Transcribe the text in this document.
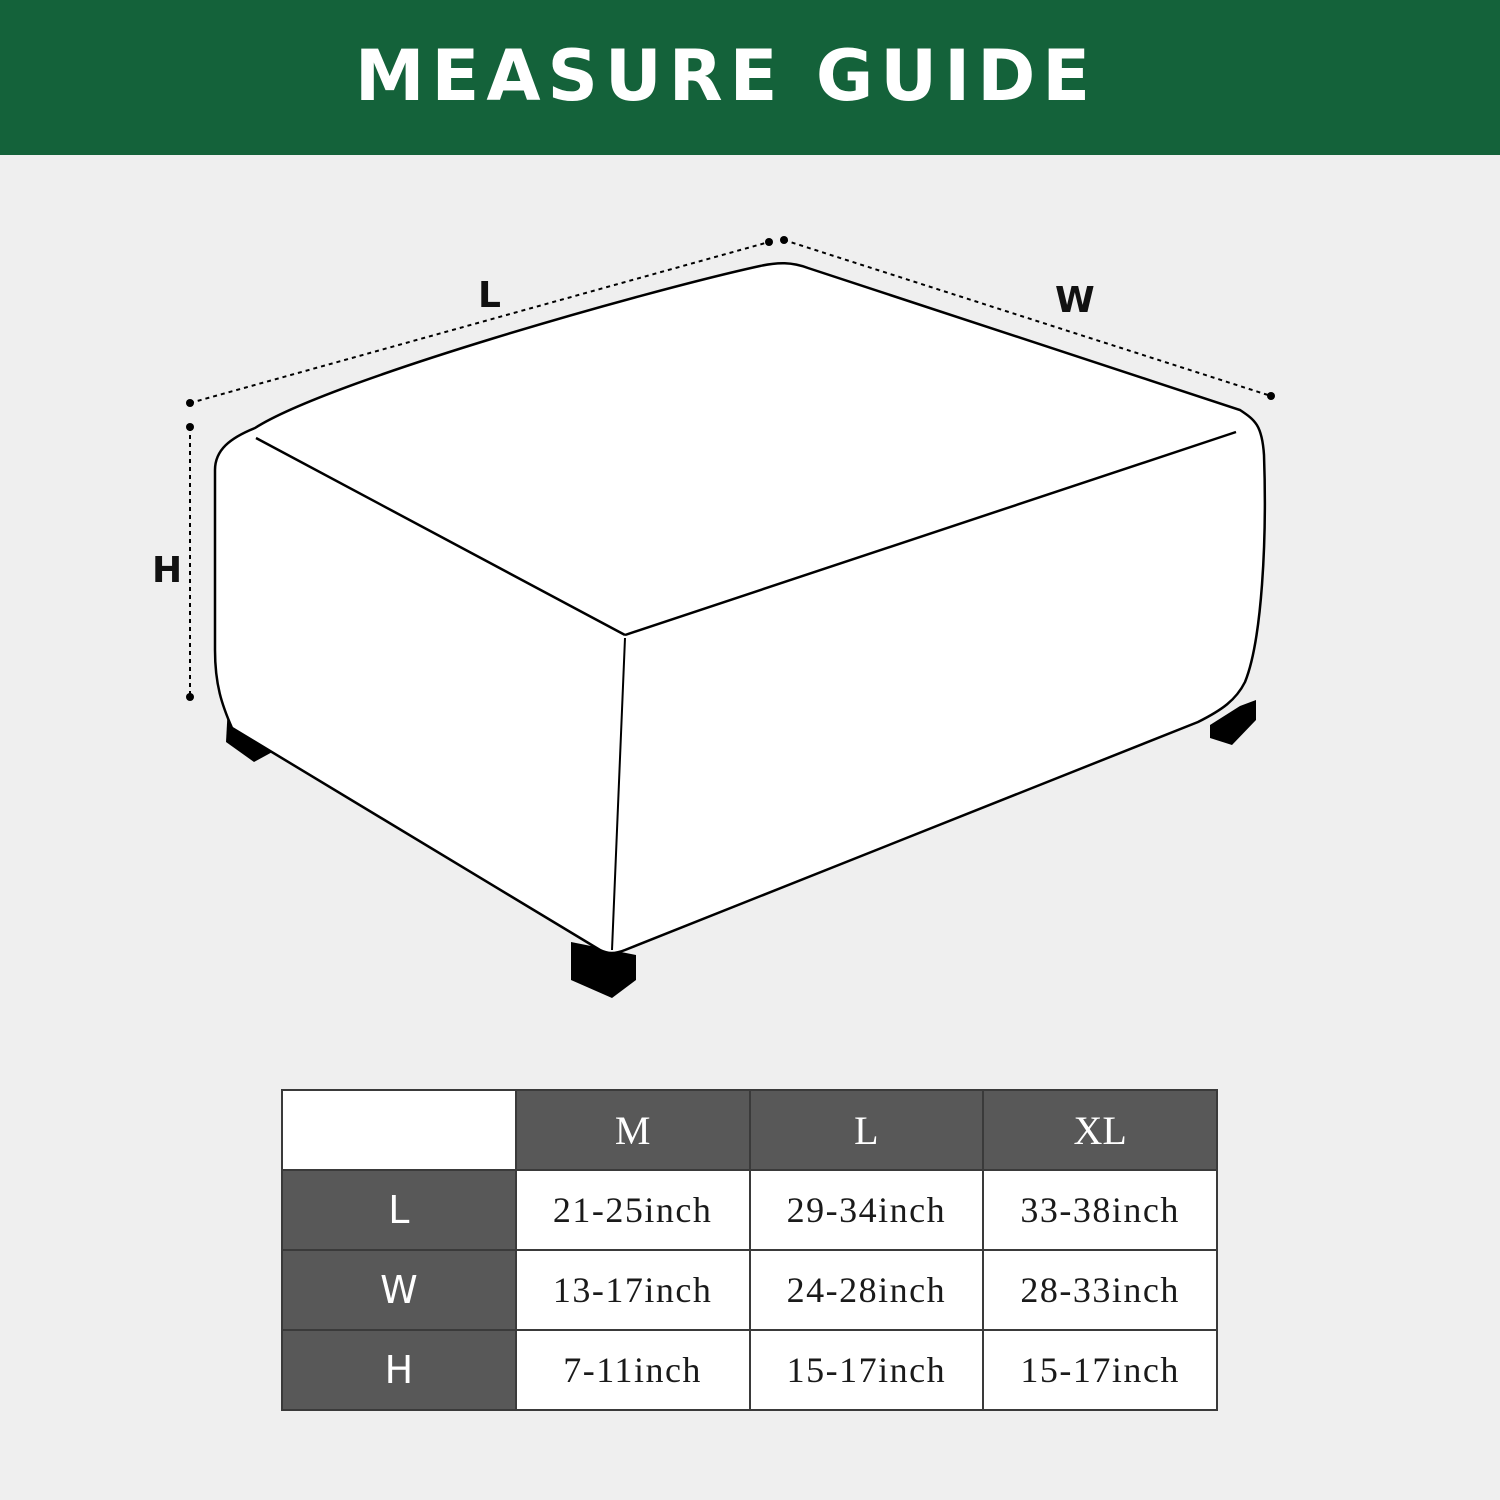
MEASURE GUIDE
L	W
H
	M	L	XL
L	21-25inch	29-34inch	33-38inch
W	13-17inch	24-28inch	28-33inch
H	7-11inch	15-17inch	15-17inch
